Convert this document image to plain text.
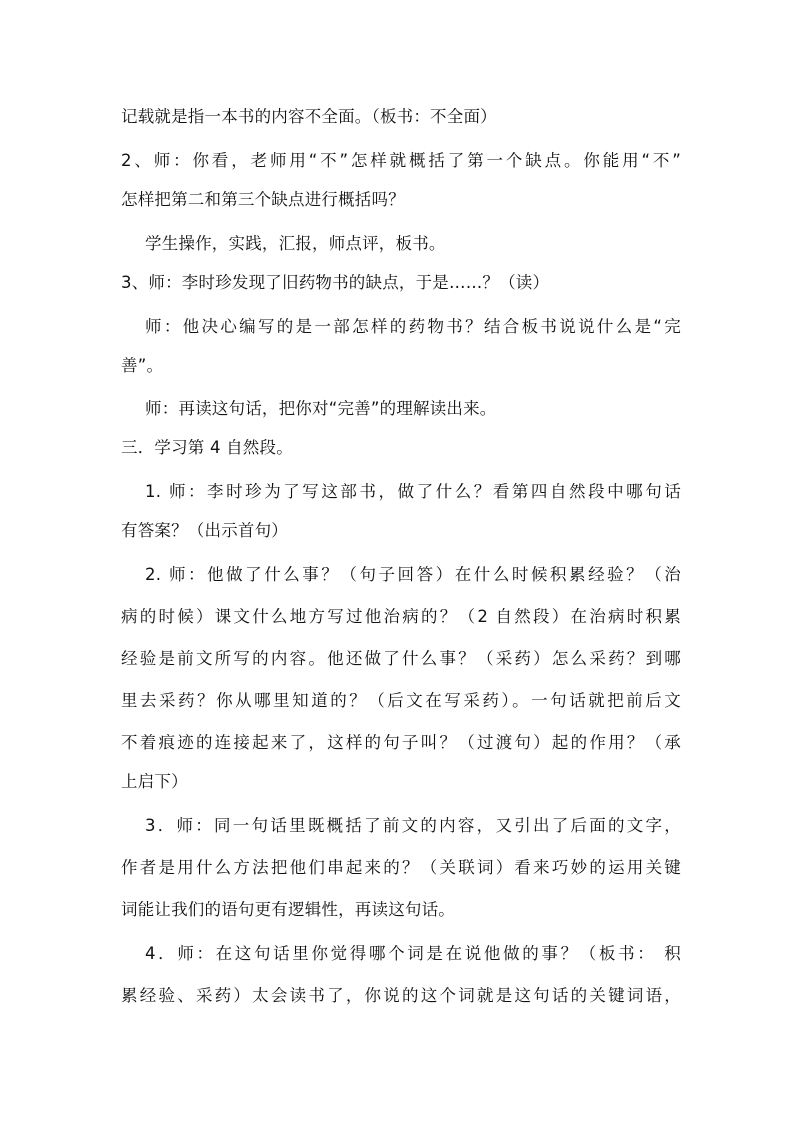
记载就是指一本书的内容不全面。（板书：不全面）
2、师：你看，老师用“不”怎样就概括了第一个缺点。你能用“不”
怎样把第二和第三个缺点进行概括吗？
学生操作，实践，汇报，师点评，板书。
3、师：李时珍发现了旧药物书的缺点，于是……？（读）
师：他决心编写的是一部怎样的药物书？结合板书说说什么是“完
善”。
师：再读这句话，把你对“完善”的理解读出来。
三．学习第 4 自然段。
1. 师：李时珍为了写这部书，做了什么？看第四自然段中哪句话
有答案？（出示首句）
2. 师：他做了什么事？（句子回答）在什么时候积累经验？（治
病的时候）课文什么地方写过他治病的？（2 自然段）在治病时积累
经验是前文所写的内容。他还做了什么事？（采药）怎么采药？到哪
里去采药？你从哪里知道的？（后文在写采药）。一句话就把前后文
不着痕迹的连接起来了，这样的句子叫？（过渡句）起的作用？（承
上启下）
3．师：同一句话里既概括了前文的内容，又引出了后面的文字，
作者是用什么方法把他们串起来的？（关联词）看来巧妙的运用关键
词能让我们的语句更有逻辑性，再读这句话。
4．师：在这句话里你觉得哪个词是在说他做的事？（板书： 积
累经验、采药）太会读书了，你说的这个词就是这句话的关键词语，
